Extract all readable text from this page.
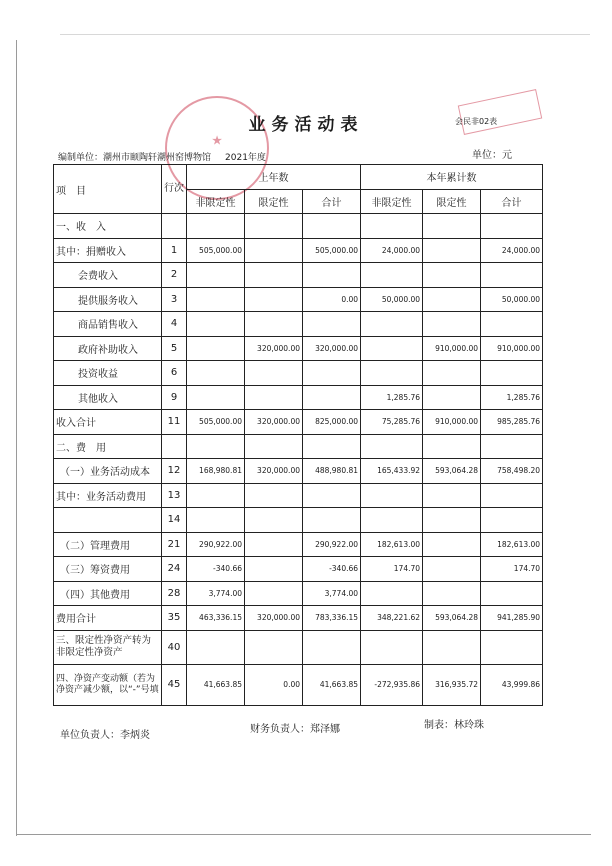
★
业务活动表	会民非02表
编制单位：潮州市颐陶轩潮州窑博物馆 2021年度	单位：元
项　目	行次	上年数			本年累计数		
		非限定性	限定性	合计	非限定性	限定性	合计
一、收　入							
其中：捐赠收入	1	505,000.00		505,000.00	24,000.00		24,000.00
会费收入	2						
提供服务收入	3			0.00	50,000.00		50,000.00
商品销售收入	4						
政府补助收入	5		320,000.00	320,000.00		910,000.00	910,000.00
投资收益	6						
其他收入	9				1,285.76		1,285.76
收入合计	11	505,000.00	320,000.00	825,000.00	75,285.76	910,000.00	985,285.76
二、费　用							
（一）业务活动成本	12	168,980.81	320,000.00	488,980.81	165,433.92	593,064.28	758,498.20
其中：业务活动费用	13						
	14						
（二）管理费用	21	290,922.00		290,922.00	182,613.00		182,613.00
（三）筹资费用	24	-340.66		-340.66	174.70		174.70
（四）其他费用	28	3,774.00		3,774.00			
费用合计	35	463,336.15	320,000.00	783,336.15	348,221.62	593,064.28	941,285.90
三、限定性净资产转为非限定性净资产	40						
四、净资产变动额（若为净资产减少额，以“-”号填	45	41,663.85	0.00	41,663.85	-272,935.86	316,935.72	43,999.86
单位负责人：李炳炎
财务负责人：郑泽娜	制表：林玲珠
